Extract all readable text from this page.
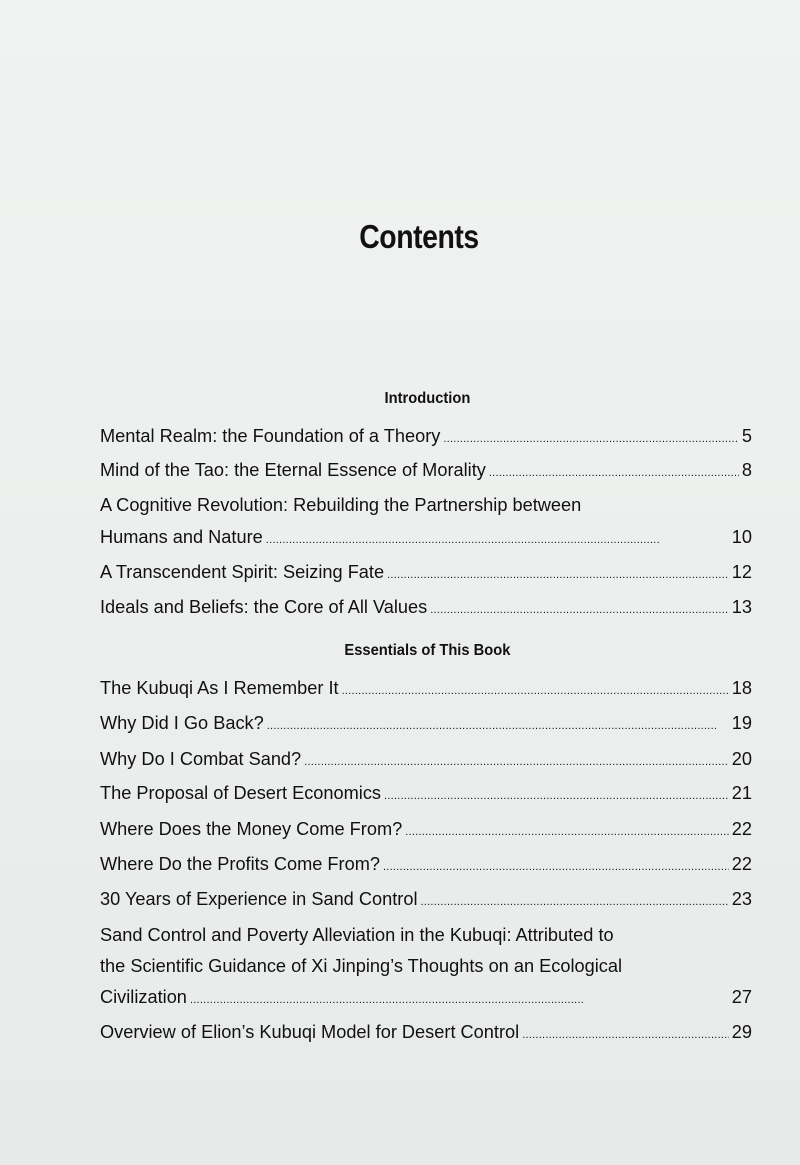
Contents
Introduction
Mental Realm: the Foundation of a Theory . . .	5
Mind of the Tao: the Eternal Essence of Morality . . .	8
A Cognitive Revolution: Rebuilding the Partnership between
Humans and Nature . . .	10
A Transcendent Spirit: Seizing Fate . . .	12
Ideals and Beliefs: the Core of All Values . . .	13
Essentials of This Book
The Kubuqi As I Remember It . . .	18
Why Did I Go Back? . . .	19
Why Do I Combat Sand? . . .	20
The Proposal of Desert Economics . . .	21
Where Does the Money Come From? . . .	22
Where Do the Profits Come From? . . .	22
30 Years of Experience in Sand Control . . .	23
Sand Control and Poverty Alleviation in the Kubuqi: Attributed to
the Scientific Guidance of Xi Jinping’s Thoughts on an Ecological
Civilization . . .	27
Overview of Elion’s Kubuqi Model for Desert Control . . .	29
